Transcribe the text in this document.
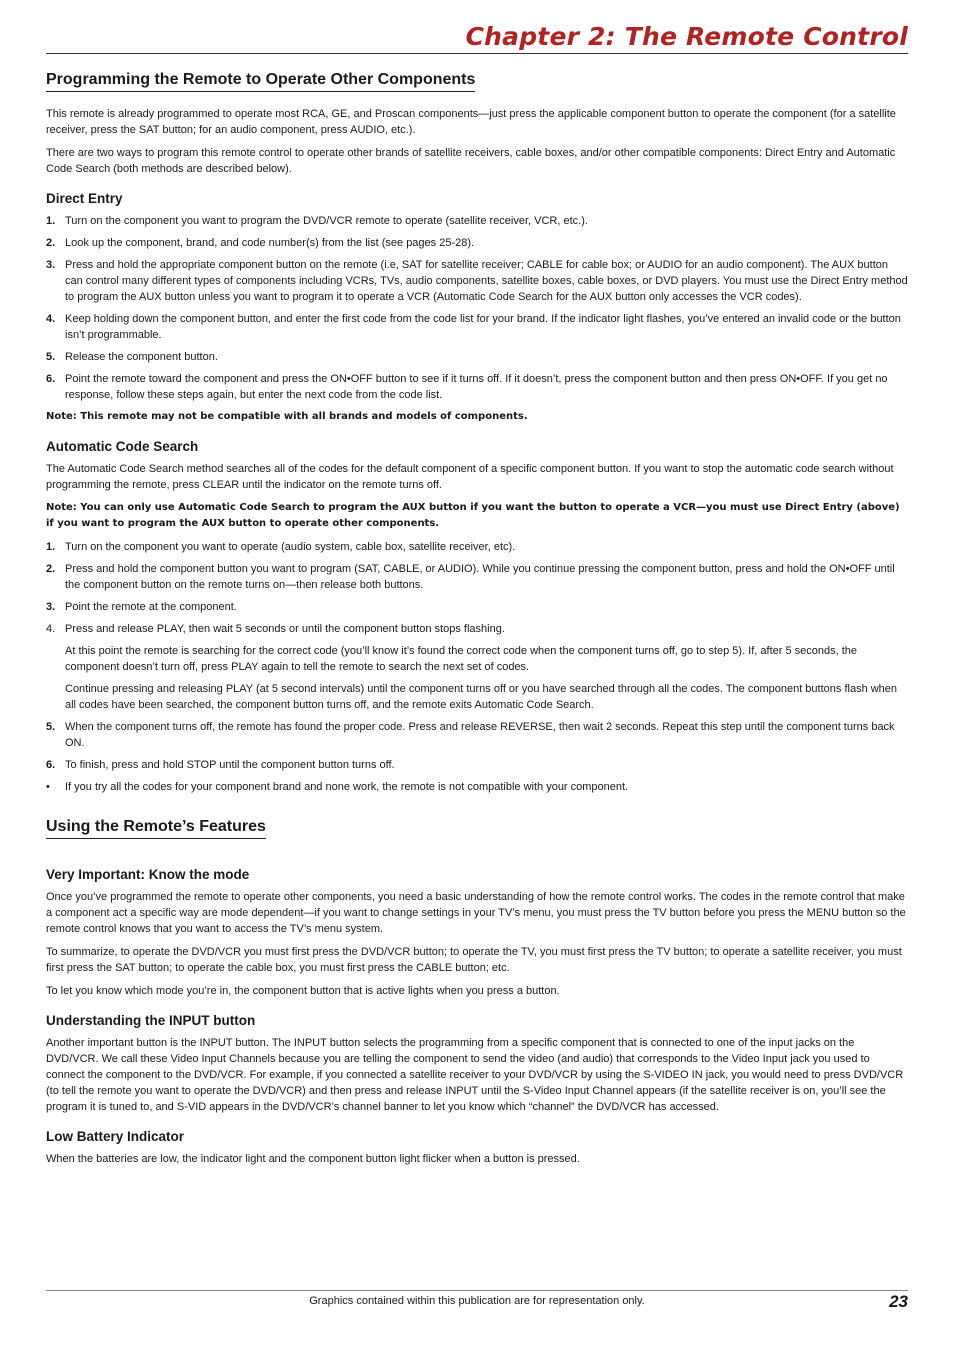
Chapter 2: The Remote Control
Programming the Remote to Operate Other Components

This remote is already programmed to operate most RCA, GE, and Proscan components—just press the applicable component button to operate the component (for a satellite receiver, press the SAT button; for an audio component, press AUDIO, etc.).

There are two ways to program this remote control to operate other brands of satellite receivers, cable boxes, and/or other compatible components: Direct Entry and Automatic Code Search (both methods are described below).

Direct Entry
1. Turn on the component you want to program the DVD/VCR remote to operate (satellite receiver, VCR, etc.).
2. Look up the component, brand, and code number(s) from the list (see pages 25-28).
3. Press and hold the appropriate component button on the remote (i.e, SAT for satellite receiver; CABLE for cable box; or AUDIO for an audio component). The AUX button can control many different types of components including VCRs, TVs, audio components, satellite boxes, cable boxes, or DVD players. You must use the Direct Entry method to program the AUX button unless you want to program it to operate a VCR (Automatic Code Search for the AUX button only accesses the VCR codes).
4. Keep holding down the component button, and enter the first code from the code list for your brand. If the indicator light flashes, you’ve entered an invalid code or the button isn’t programmable.
5. Release the component button.
6. Point the remote toward the component and press the ON•OFF button to see if it turns off. If it doesn’t, press the component button and then press ON•OFF. If you get no response, follow these steps again, but enter the next code from the code list.

Note: This remote may not be compatible with all brands and models of components.

Automatic Code Search

The Automatic Code Search method searches all of the codes for the default component of a specific component button. If you want to stop the automatic code search without programming the remote, press CLEAR until the indicator on the remote turns off.

Note: You can only use Automatic Code Search to program the AUX button if you want the button to operate a VCR—you must use Direct Entry (above) if you want to program the AUX button to operate other components.

1. Turn on the component you want to operate (audio system, cable box, satellite receiver, etc).
2. Press and hold the component button you want to program (SAT, CABLE, or AUDIO). While you continue pressing the component button, press and hold the ON•OFF until the component button on the remote turns on—then release both buttons.
3. Point the remote at the component.
4. Press and release PLAY, then wait 5 seconds or until the component button stops flashing.

At this point the remote is searching for the correct code (you’ll know it’s found the correct code when the component turns off, go to step 5). If, after 5 seconds, the component doesn’t turn off, press PLAY again to tell the remote to search the next set of codes.

Continue pressing and releasing PLAY (at 5 second intervals) until the component turns off or you have searched through all the codes. The component buttons flash when all codes have been searched, the component button turns off, and the remote exits Automatic Code Search.

5. When the component turns off, the remote has found the proper code. Press and release REVERSE, then wait 2 seconds. Repeat this step until the component turns back ON.
6. To finish, press and hold STOP until the component button turns off.
• If you try all the codes for your component brand and none work, the remote is not compatible with your component.
Using the Remote’s Features
Very Important: Know the mode

Once you’ve programmed the remote to operate other components, you need a basic understanding of how the remote control works. The codes in the remote control that make a component act a specific way are mode dependent—if you want to change settings in your TV’s menu, you must press the TV button before you press the MENU button so the remote control knows that you want to access the TV’s menu system.

To summarize, to operate the DVD/VCR you must first press the DVD/VCR button; to operate the TV, you must first press the TV button; to operate a satellite receiver, you must first press the SAT button; to operate the cable box, you must first press the CABLE button; etc.

To let you know which mode you’re in, the component button that is active lights when you press a button.

Understanding the INPUT button

Another important button is the INPUT button. The INPUT button selects the programming from a specific component that is connected to one of the input jacks on the DVD/VCR. We call these Video Input Channels because you are telling the component to send the video (and audio) that corresponds to the Video Input jack you used to connect the component to the DVD/VCR. For example, if you connected a satellite receiver to your DVD/VCR by using the S-VIDEO IN jack, you would need to press DVD/VCR (to tell the remote you want to operate the DVD/VCR) and then press and release INPUT until the S-Video Input Channel appears (if the satellite receiver is on, you’ll see the program it is tuned to, and S-VID appears in the DVD/VCR’s channel banner to let you know which “channel” the DVD/VCR has accessed.

Low Battery Indicator

When the batteries are low, the indicator light and the component button light flicker when a button is pressed.

Graphics contained within this publication are for representation only.	23
